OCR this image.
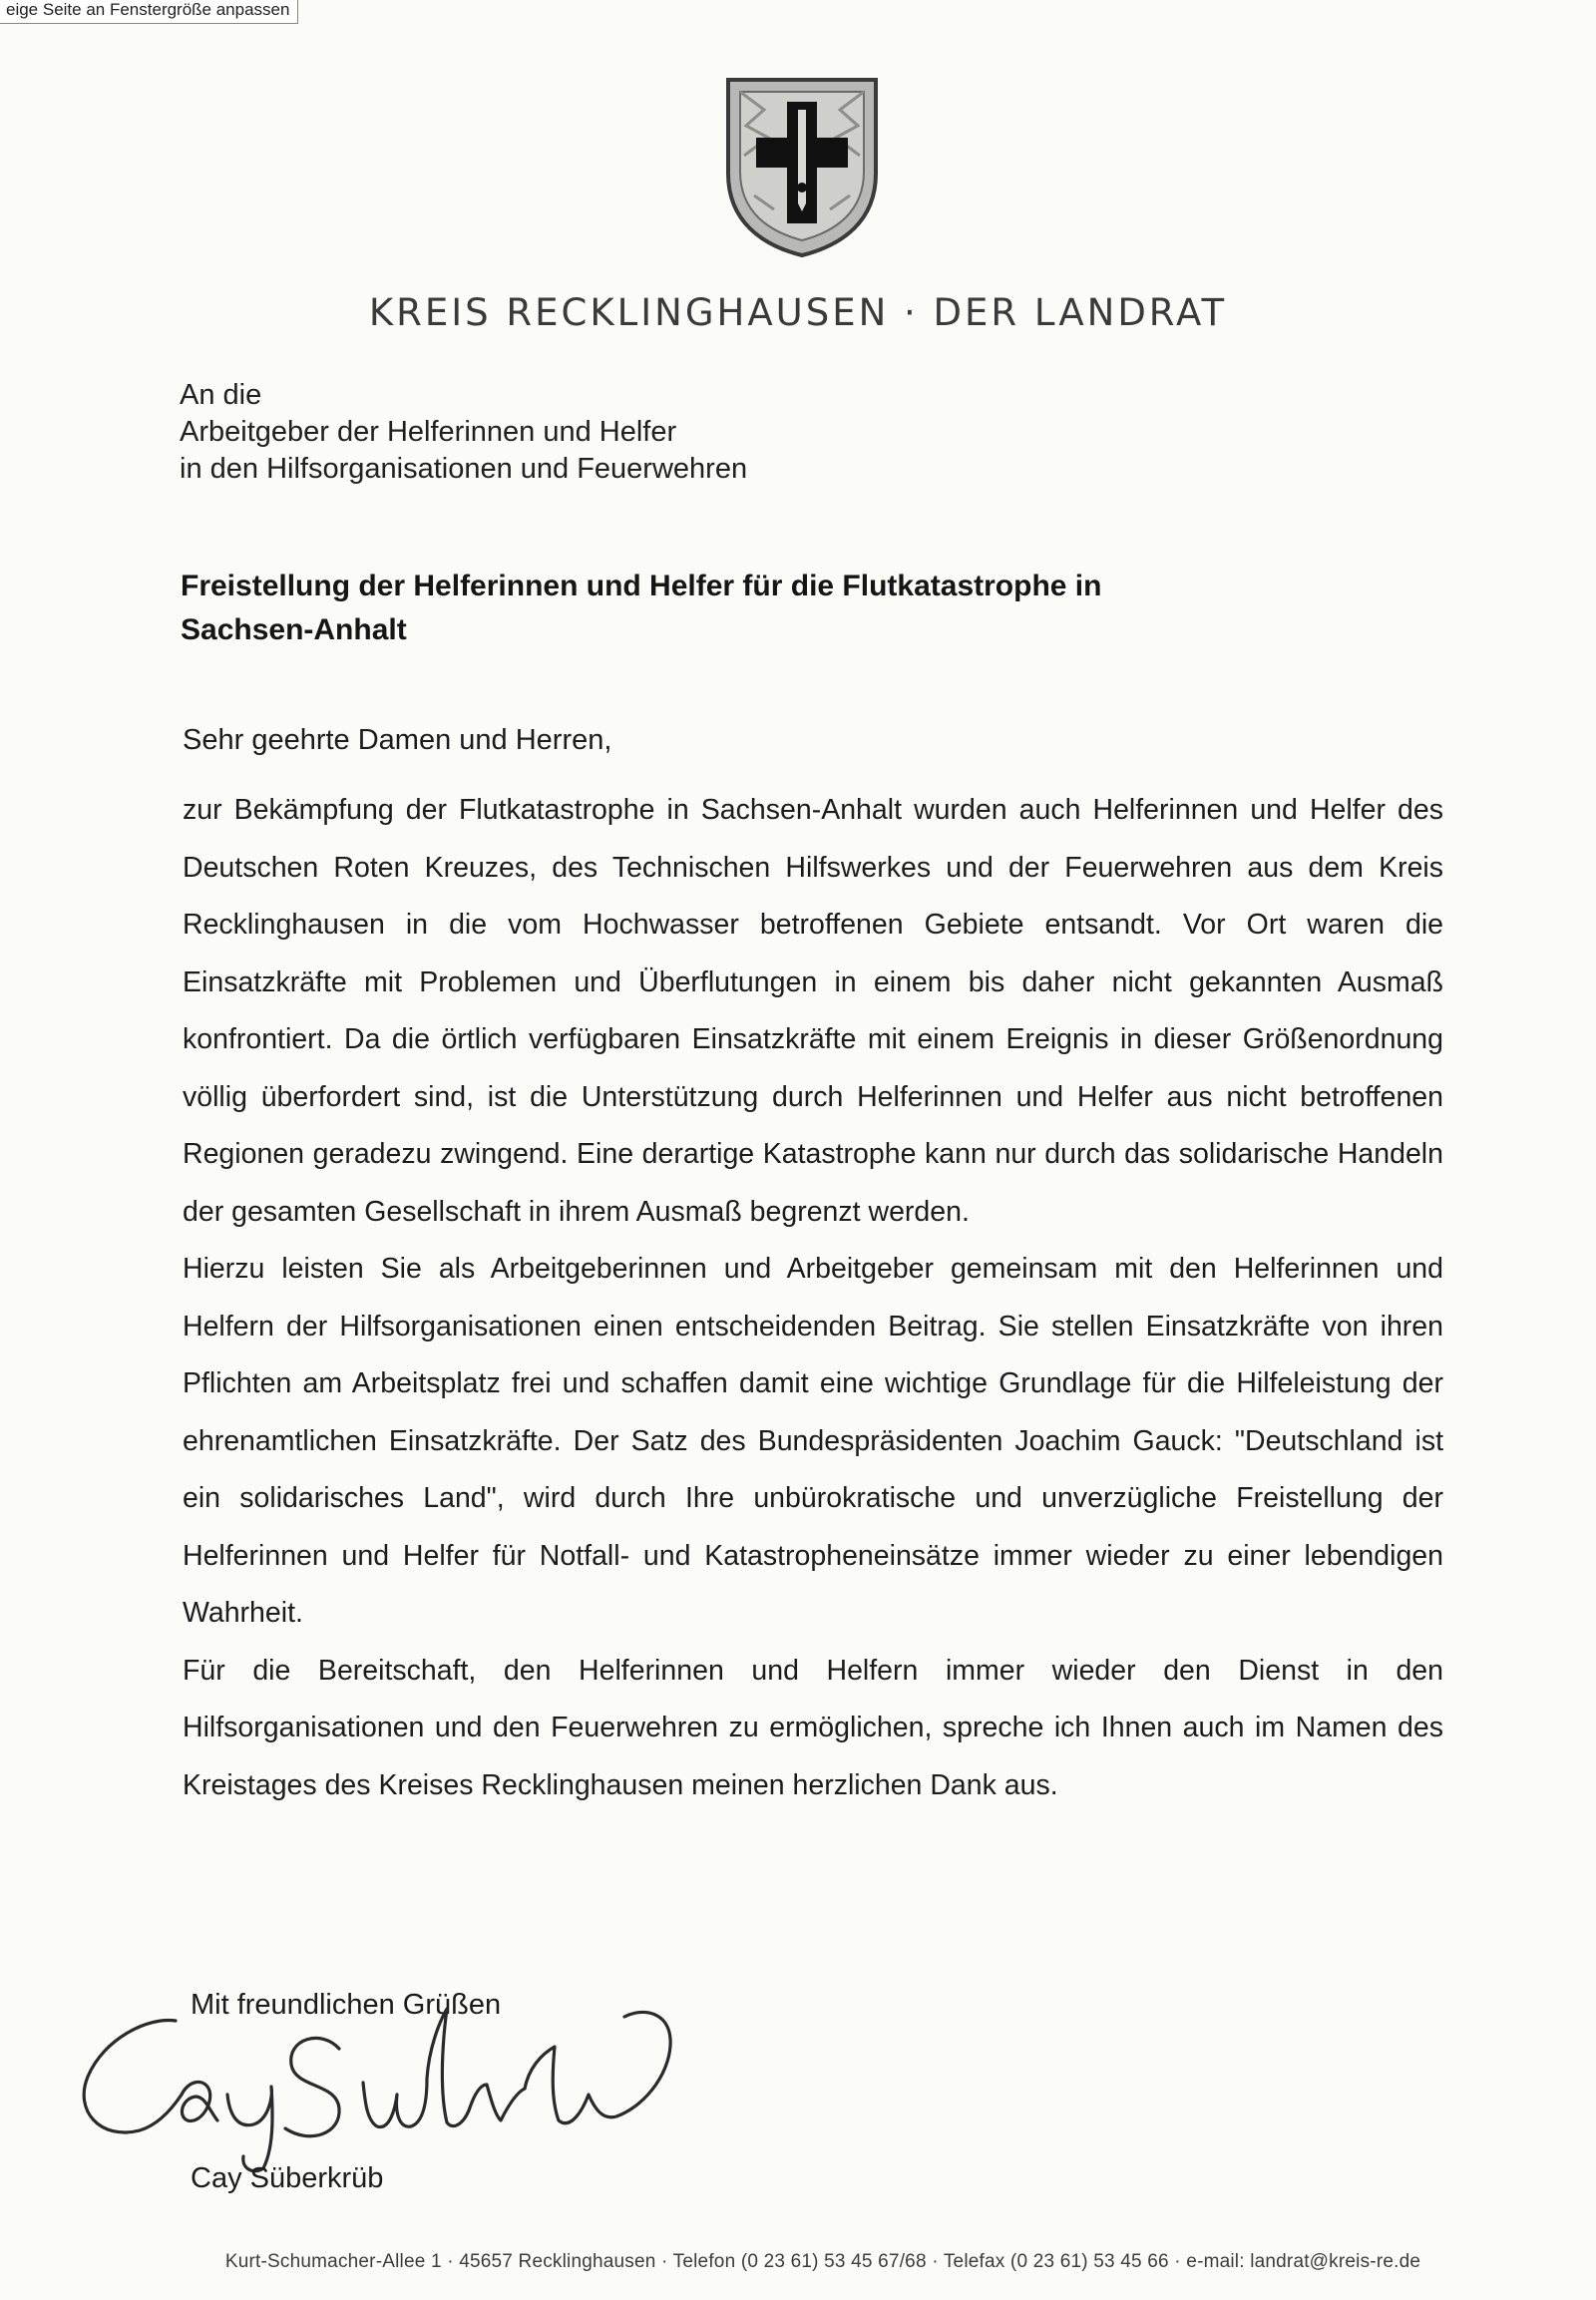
eige Seite an Fenstergröße anpassen
KREIS RECKLINGHAUSEN · DER LANDRAT
An die
Arbeitgeber der Helferinnen und Helfer
in den Hilfsorganisationen und Feuerwehren
Freistellung der Helferinnen und Helfer für die Flutkatastrophe in
Sachsen-Anhalt
Sehr geehrte Damen und Herren,

zur Bekämpfung der Flutkatastrophe in Sachsen-Anhalt wurden auch Helferinnen und Helfer des Deutschen Roten Kreuzes, des Technischen Hilfswerkes und der Feuerwehren aus dem Kreis Recklinghausen in die vom Hochwasser betroffenen Gebiete entsandt. Vor Ort waren die Einsatzkräfte mit Problemen und Überflutungen in einem bis daher nicht gekannten Ausmaß konfrontiert. Da die örtlich verfügbaren Einsatzkräfte mit einem Ereignis in dieser Größenordnung völlig überfordert sind, ist die Unterstützung durch Helferinnen und Helfer aus nicht betroffenen Regionen geradezu zwingend. Eine derartige Katastrophe kann nur durch das solidarische Handeln der gesamten Gesellschaft in ihrem Ausmaß begrenzt werden.

Hierzu leisten Sie als Arbeitgeberinnen und Arbeitgeber gemeinsam mit den Helferinnen und Helfern der Hilfsorganisationen einen entscheidenden Beitrag. Sie stellen Einsatzkräfte von ihren Pflichten am Arbeitsplatz frei und schaffen damit eine wichtige Grundlage für die Hilfeleistung der ehrenamtlichen Einsatzkräfte. Der Satz des Bundespräsidenten Joachim Gauck: "Deutschland ist ein solidarisches Land", wird durch Ihre unbürokratische und unverzügliche Freistellung der Helferinnen und Helfer für Notfall- und Katastropheneinsätze immer wieder zu einer lebendigen Wahrheit.

Für die Bereitschaft, den Helferinnen und Helfern immer wieder den Dienst in den Hilfsorganisationen und den Feuerwehren zu ermöglichen, spreche ich Ihnen auch im Namen des Kreistages des Kreises Recklinghausen meinen herzlichen Dank aus.

Mit freundlichen Grüßen
Cay Süberkrüb
Kurt-Schumacher-Allee 1 · 45657 Recklinghausen · Telefon (0 23 61) 53 45 67/68 · Telefax (0 23 61) 53 45 66 · e-mail: landrat@kreis-re.de
